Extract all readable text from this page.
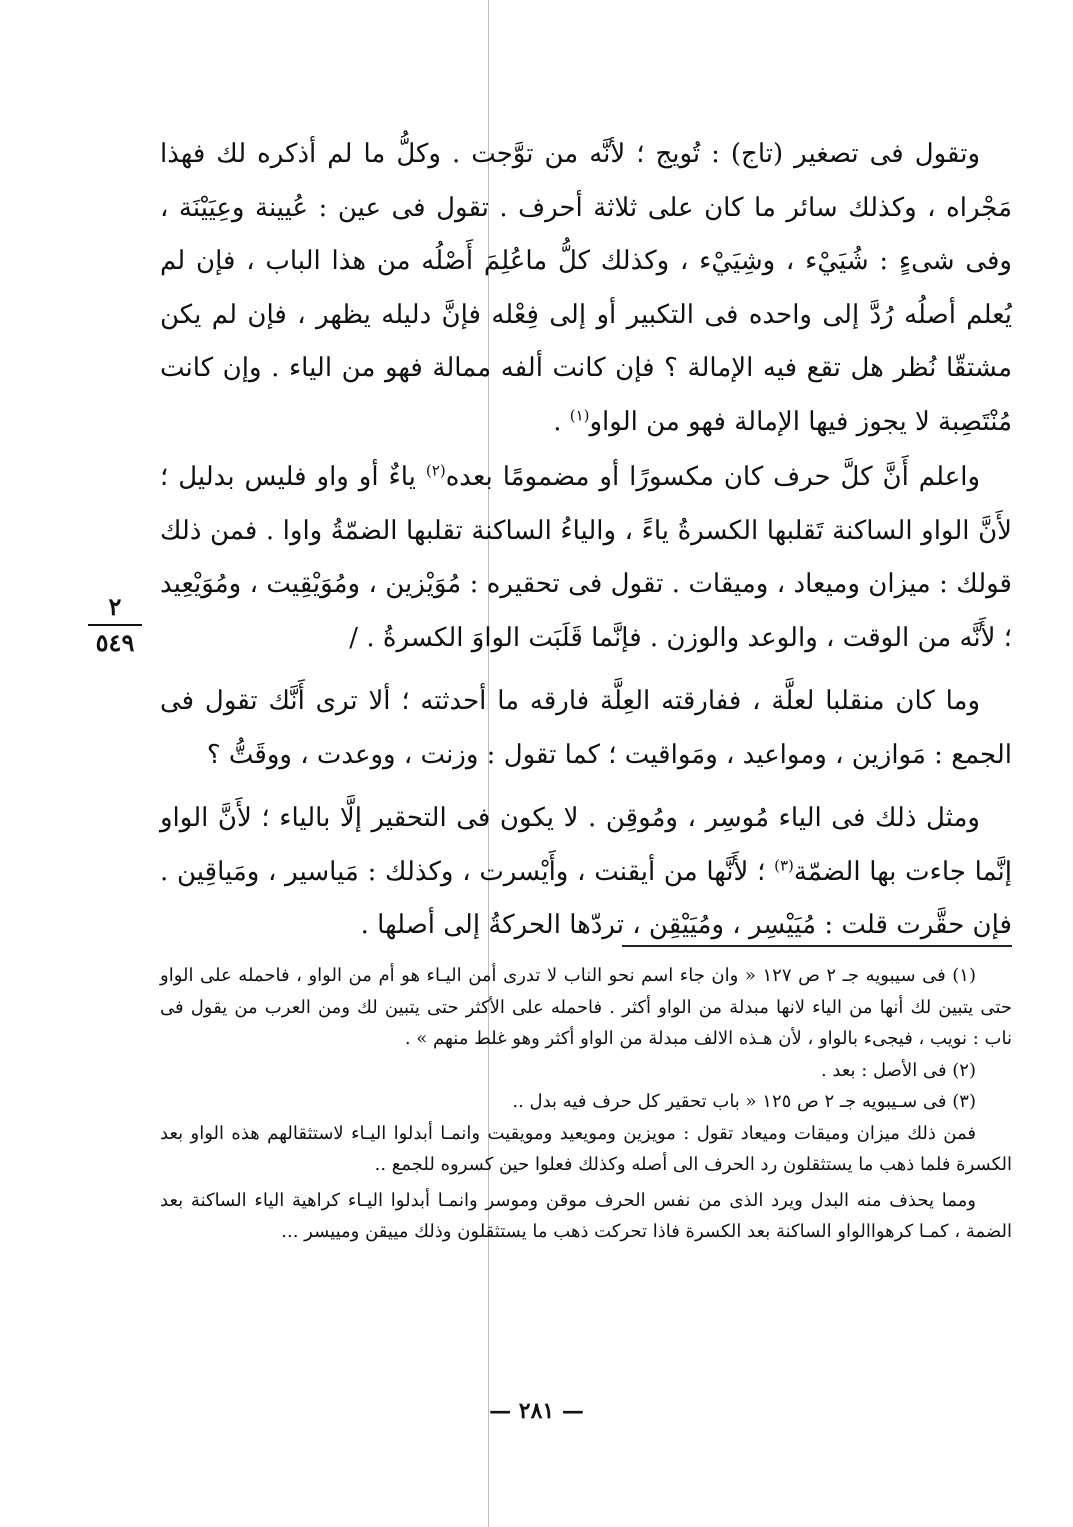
وتقول فى تصغير (تاج) : تُويج ؛ لأنَّه من توَّجت . وكلُّ ما لم أذكره لك فهذا مَجْراه ، وكذلك سائر ما كان على ثلاثة أحرف . تقول فى عين : عُيينة وعِيَيْنَة ، وفى شىءٍ : شُيَيْء ، وشِيَيْء ، وكذلك كلُّ ماعُلِمَ أَصْلُه من هذا الباب ، فإن لم يُعلم أصلُه رُدَّ إلى واحده فى التكبير أو إلى فِعْله فإنَّ دليله يظهر ، فإن لم يكن مشتقّا نُظر هل تقع فيه الإمالة ؟ فإن كانت ألفه ممالة فهو من الياء . وإن كانت مُنْتَصِبة لا يجوز فيها الإمالة فهو من الواو$^{(١)}$ .

واعلم أَنَّ كلَّ حرف كان مكسورًا أو مضمومًا بعده$^{(٢)}$ ياءٌ أو واو فليس بدليل ؛ لأَنَّ الواو الساكنة تَقلبها الكسرةُ ياءً ، والياءُ الساكنة تقلبها الضمّةُ واوا . فمن ذلك قولك : ميزان وميعاد ، وميقات . تقول فى تحقيره : مُوَيْزين ، ومُوَيْقِيت ، ومُوَيْعِيد ؛ لأَنَّه من الوقت ، والوعد والوزن . فإنَّما قَلَبَت الواوَ الكسرةُ . /

وما كان منقلبا لعلَّة ، ففارقته العِلَّة فارقه ما أحدثته ؛ ألا ترى أَنَّك تقول فى الجمع : مَوازين ، ومواعيد ، ومَواقيت ؛ كما تقول : وزنت ، ووعدت ، ووقَتُّ ؟

ومثل ذلك فى الياء مُوسِر ، ومُوقِن . لا يكون فى التحقير إلَّا بالياء ؛ لأَنَّ الواو إنَّما جاءت بها الضمّة$^{(٣)}$ ؛ لأَنَّها من أيقنت ، وأَيْسرت ، وكذلك : مَياسير ، ومَياقِين . فإن حقَّرت قلت : مُيَيْسِر ، ومُيَيْقِن ، تردّها الحركةُ إلى أصلها .

٢
٥٤٩

(١) فى سيبويه جـ ٢ ص ١٢٧ « وان جاء اسم نحو الناب لا تدرى أمن اليـاء هو أم من الواو ، فاحمله على الواو حتى يتبين لك أنها من الياء لانها مبدلة من الواو أكثر . فاحمله على الأكثر حتى يتبين لك ومن العرب من يقول فى ناب : نويب ، فيجىء بالواو ، لأن هـذه الالف مبدلة من الواو أكثر وهو غلط منهم » .

(٢) فى الأصل : بعد .

(٣) فى سـيبويه جـ ٢ ص ١٢٥ « باب تحقير كل حرف فيه بدل ..

فمن ذلك ميزان وميقات وميعاد تقول : مويزين ومويعيد ومويقيت وانمـا أبدلوا اليـاء لاستثقالهم هذه الواو بعد الكسرة فلما ذهب ما يستثقلون رد الحرف الى أصله وكذلك فعلوا حين كسروه للجمع ..

ومما يحذف منه البدل ويرد الذى من نفس الحرف موقن وموسر وانمـا أبدلوا اليـاء كراهية الياء الساكنة بعد الضمة ، كمـا كرهواالواو الساكنة بعد الكسرة فاذا تحركت ذهب ما يستثقلون وذلك مييقن ومييسر ...

— ٢٨١ —
